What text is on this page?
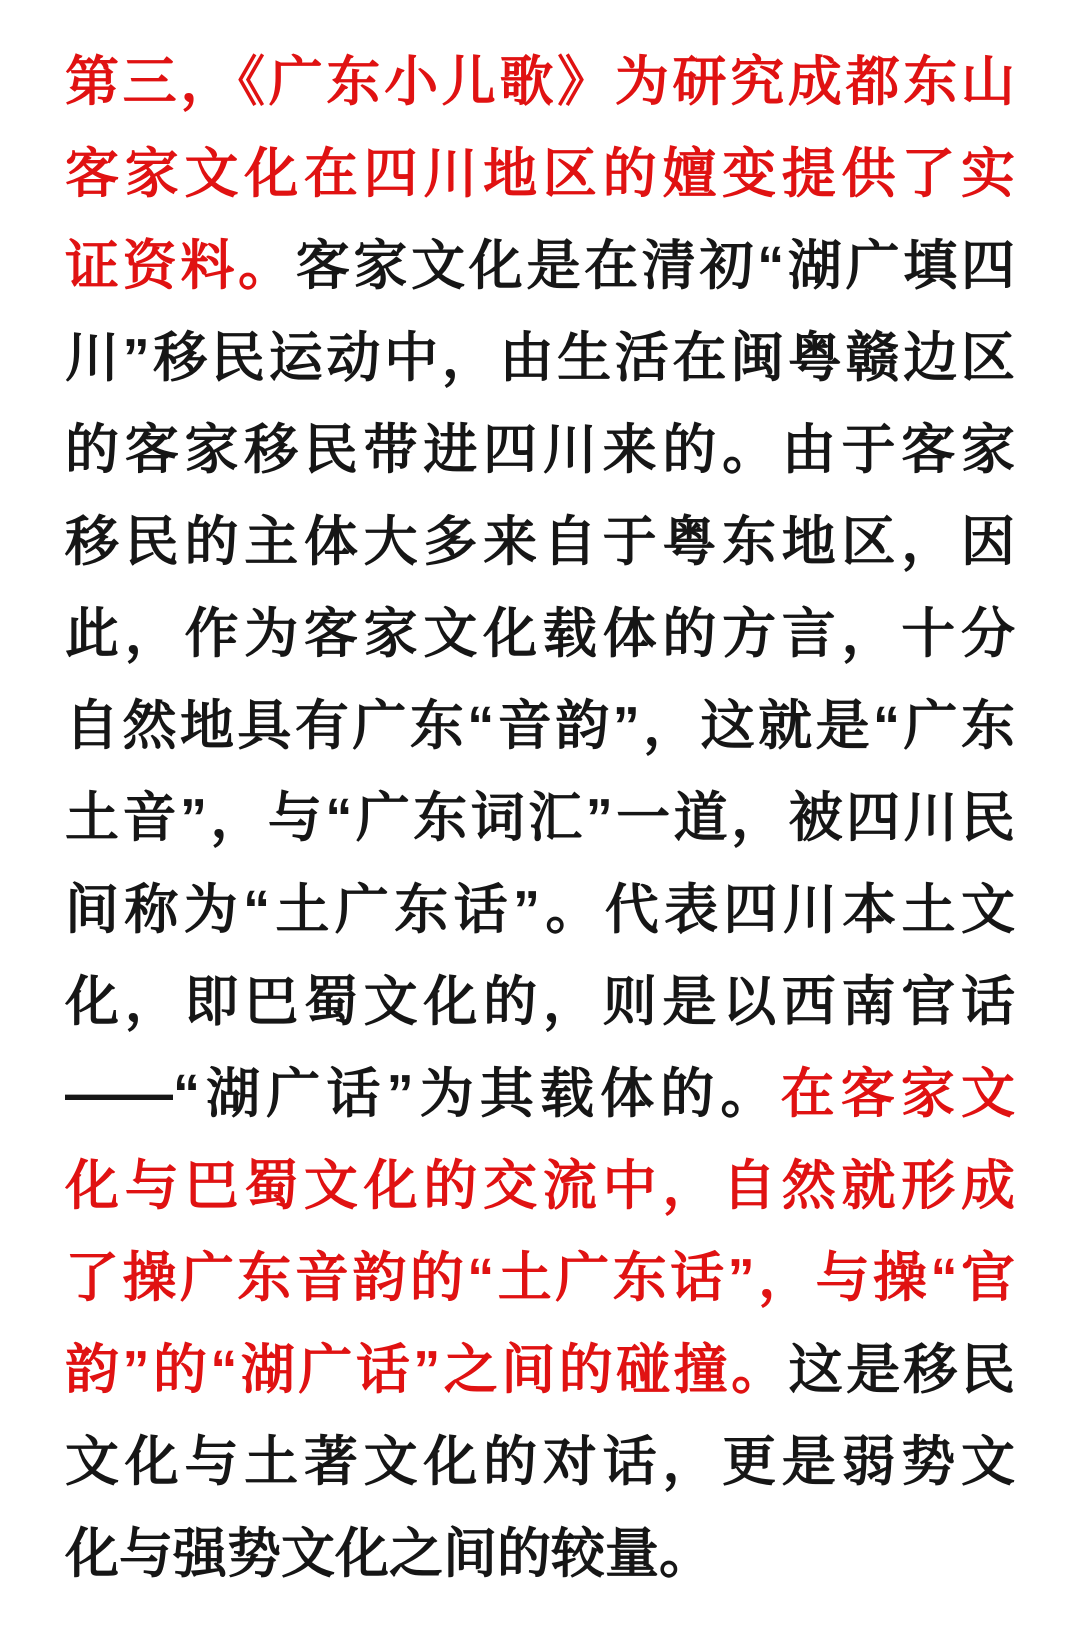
第三，《广东小儿歌》为研究成都东山
客家文化在四川地区的嬗变提供了实
证资料。客家文化是在清初“湖广填四
川”移民运动中，由生活在闽粤赣边区
的客家移民带进四川来的。由于客家
移民的主体大多来自于粤东地区，因
此，作为客家文化载体的方言，十分
自然地具有广东“音韵”，这就是“广东
土音”，与“广东词汇”一道，被四川民
间称为“土广东话”。代表四川本土文
化，即巴蜀文化的，则是以西南官话
——“湖广话”为其载体的。在客家文
化与巴蜀文化的交流中，自然就形成
了操广东音韵的“土广东话”，与操“官
韵”的“湖广话”之间的碰撞。这是移民
文化与土著文化的对话，更是弱势文
化与强势文化之间的较量。
